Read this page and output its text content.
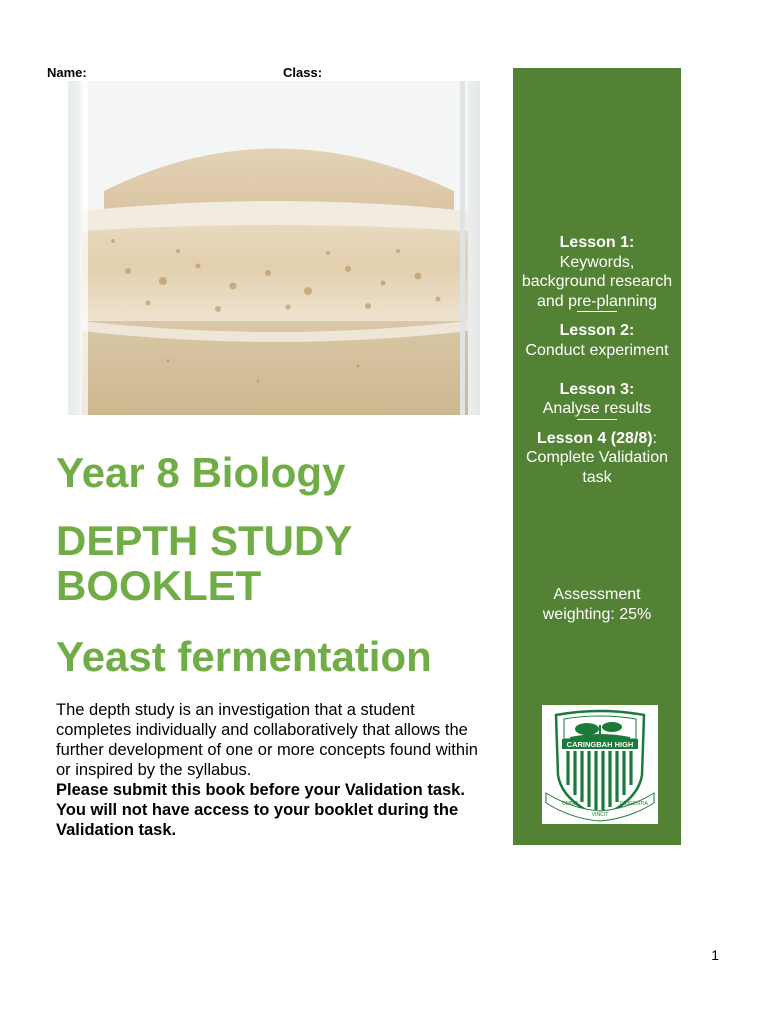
Name:	Class:
Year 8 Biology
DEPTH STUDY BOOKLET
Yeast fermentation

The depth study is an investigation that a student completes individually and collaboratively that allows the further development of one or more concepts found within or inspired by the syllabus.

Please submit this book before your Validation task. You will not have access to your booklet during the Validation task.

Lesson 1:
Keywords, background research and pre-planning
Lesson 2:
Conduct experiment
Lesson 3:
Analyse results
Lesson 4 (28/8):
Complete Validation task
Assessment weighting: 25%
CARINGBAH HIGH
OMNIA
VINCIT
DILIGENTIA
1
